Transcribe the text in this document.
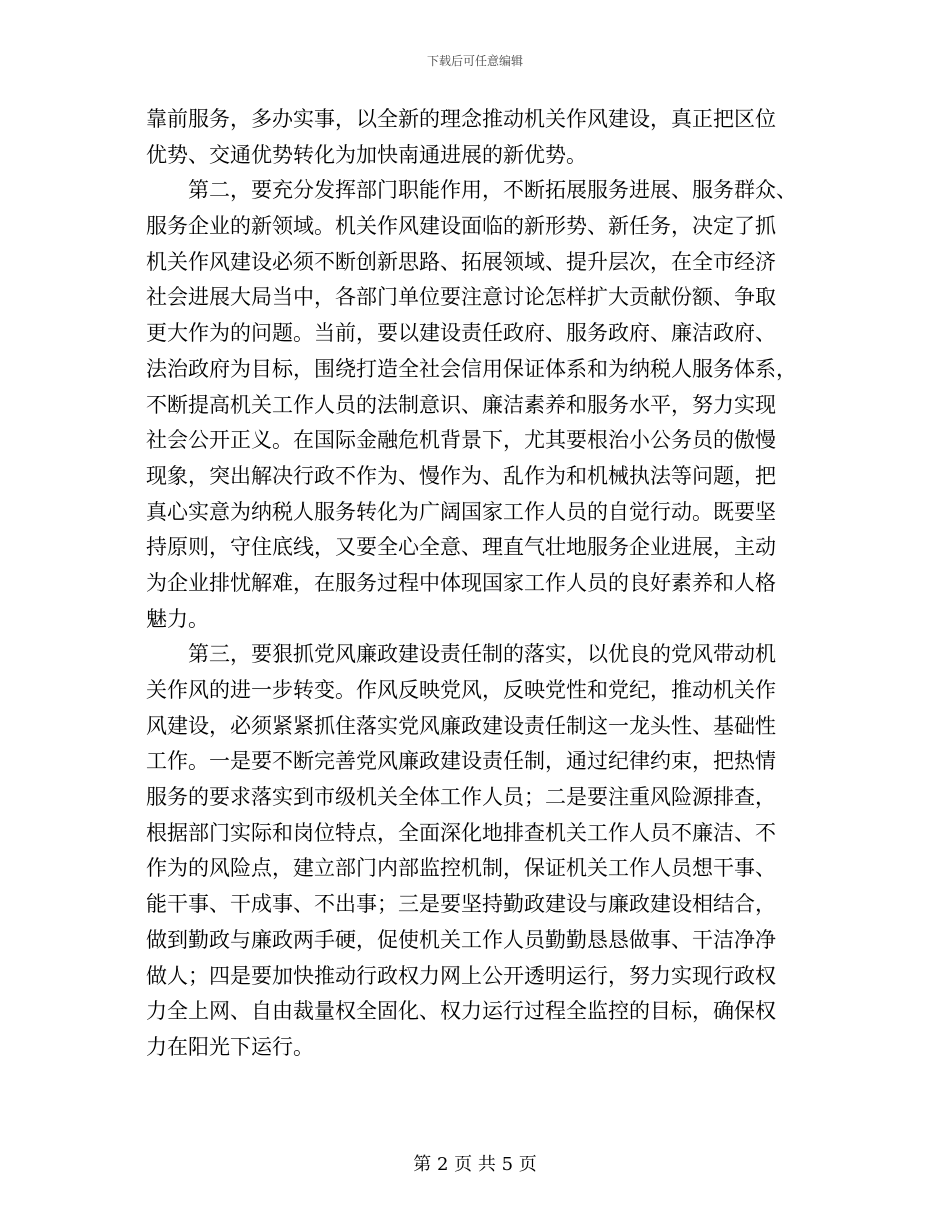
下载后可任意编辑
靠前服务，多办实事，以全新的理念推动机关作风建设，真正把区位
优势、交通优势转化为加快南通进展的新优势。
第二，要充分发挥部门职能作用，不断拓展服务进展、服务群众、
服务企业的新领域。机关作风建设面临的新形势、新任务，决定了抓
机关作风建设必须不断创新思路、拓展领域、提升层次，在全市经济
社会进展大局当中，各部门单位要注意讨论怎样扩大贡献份额、争取
更大作为的问题。当前，要以建设责任政府、服务政府、廉洁政府、
法治政府为目标，围绕打造全社会信用保证体系和为纳税人服务体系，
不断提高机关工作人员的法制意识、廉洁素养和服务水平，努力实现
社会公开正义。在国际金融危机背景下，尤其要根治小公务员的傲慢
现象，突出解决行政不作为、慢作为、乱作为和机械执法等问题，把
真心实意为纳税人服务转化为广阔国家工作人员的自觉行动。既要坚
持原则，守住底线，又要全心全意、理直气壮地服务企业进展，主动
为企业排忧解难，在服务过程中体现国家工作人员的良好素养和人格
魅力。
第三，要狠抓党风廉政建设责任制的落实，以优良的党风带动机
关作风的进一步转变。作风反映党风，反映党性和党纪，推动机关作
风建设，必须紧紧抓住落实党风廉政建设责任制这一龙头性、基础性
工作。一是要不断完善党风廉政建设责任制，通过纪律约束，把热情
服务的要求落实到市级机关全体工作人员；二是要注重风险源排查，
根据部门实际和岗位特点，全面深化地排查机关工作人员不廉洁、不
作为的风险点，建立部门内部监控机制，保证机关工作人员想干事、
能干事、干成事、不出事；三是要坚持勤政建设与廉政建设相结合，
做到勤政与廉政两手硬，促使机关工作人员勤勤恳恳做事、干洁净净
做人；四是要加快推动行政权力网上公开透明运行，努力实现行政权
力全上网、自由裁量权全固化、权力运行过程全监控的目标，确保权
力在阳光下运行。
第 2 页 共 5 页
